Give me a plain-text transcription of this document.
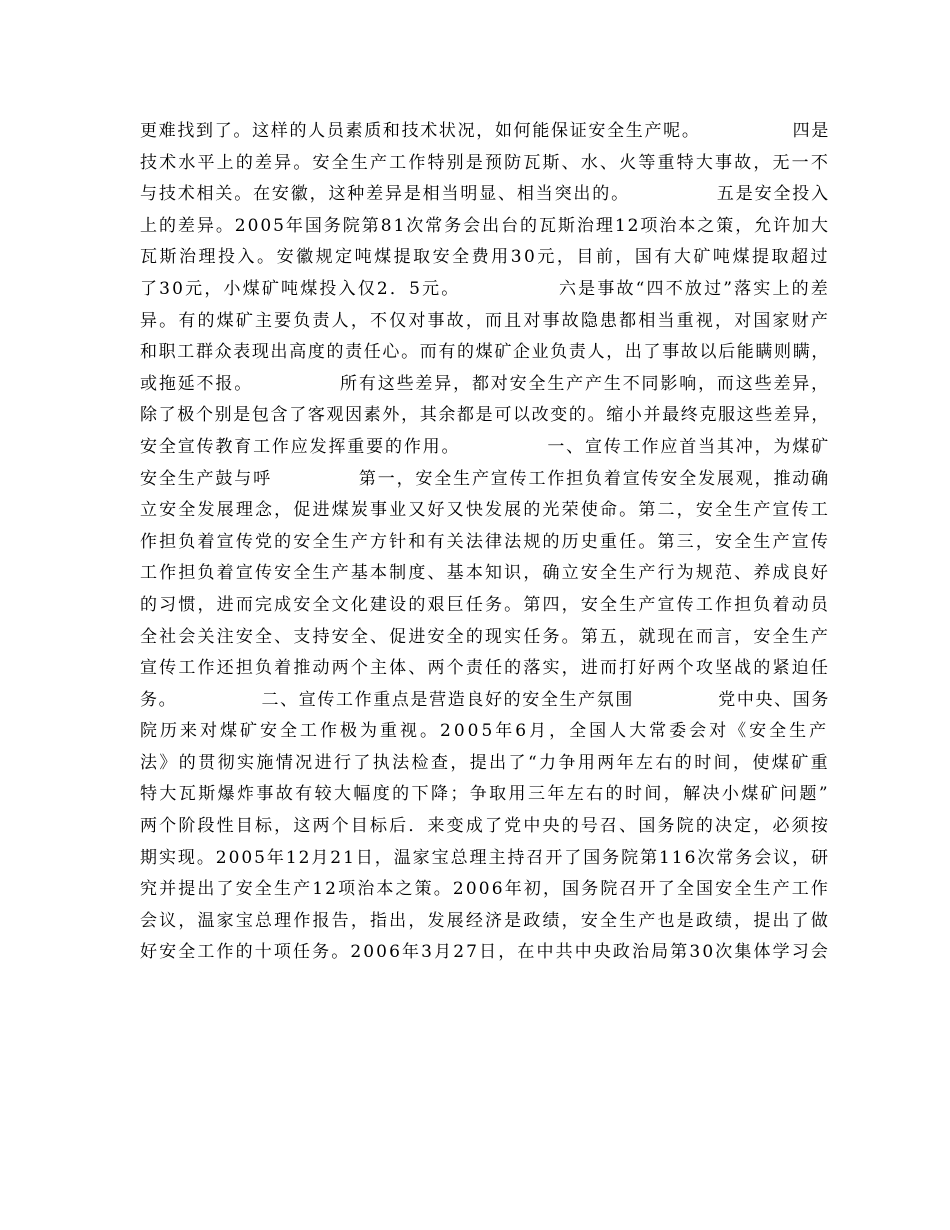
更难找到了。这样的人员素质和技术状况，如何能保证安全生产呢。             四是
技术水平上的差异。安全生产工作特别是预防瓦斯、水、火等重特大事故，无一不
与技术相关。在安徽，这种差异是相当明显、相当突出的。            五是安全投入
上的差异。2005年国务院第81次常务会出台的瓦斯治理12项治本之策，允许加大
瓦斯治理投入。安徽规定吨煤提取安全费用30元，目前，国有大矿吨煤提取超过
了30元，小煤矿吨煤投入仅2．5元。             六是事故“四不放过”落实上的差
异。有的煤矿主要负责人，不仅对事故，而且对事故隐患都相当重视，对国家财产
和职工群众表现出高度的责任心。而有的煤矿企业负责人，出了事故以后能瞒则瞒，
或拖延不报。            所有这些差异，都对安全生产产生不同影响，而这些差异，
除了极个别是包含了客观因素外，其余都是可以改变的。缩小并最终克服这些差异，
安全宣传教育工作应发挥重要的作用。            一、宣传工作应首当其冲，为煤矿
安全生产鼓与呼            第一，安全生产宣传工作担负着宣传安全发展观，推动确
立安全发展理念，促进煤炭事业又好又快发展的光荣使命。第二，安全生产宣传工
作担负着宣传党的安全生产方针和有关法律法规的历史重任。第三，安全生产宣传
工作担负着宣传安全生产基本制度、基本知识，确立安全生产行为规范、养成良好
的习惯，进而完成安全文化建设的艰巨任务。第四，安全生产宣传工作担负着动员
全社会关注安全、支持安全、促进安全的现实任务。第五，就现在而言，安全生产
宣传工作还担负着推动两个主体、两个责任的落实，进而打好两个攻坚战的紧迫任
务。            二、宣传工作重点是营造良好的安全生产氛围            党中央、国务
院历来对煤矿安全工作极为重视。2005年6月，全国人大常委会对《安全生产
法》的贯彻实施情况进行了执法检查，提出了“力争用两年左右的时间，使煤矿重
特大瓦斯爆炸事故有较大幅度的下降；争取用三年左右的时间，解决小煤矿问题”
两个阶段性目标，这两个目标后．来变成了党中央的号召、国务院的决定，必须按
期实现。2005年12月21日，温家宝总理主持召开了国务院第116次常务会议，研
究并提出了安全生产12项治本之策。2006年初，国务院召开了全国安全生产工作
会议，温家宝总理作报告，指出，发展经济是政绩，安全生产也是政绩，提出了做
好安全工作的十项任务。2006年3月27日，在中共中央政治局第30次集体学习会
